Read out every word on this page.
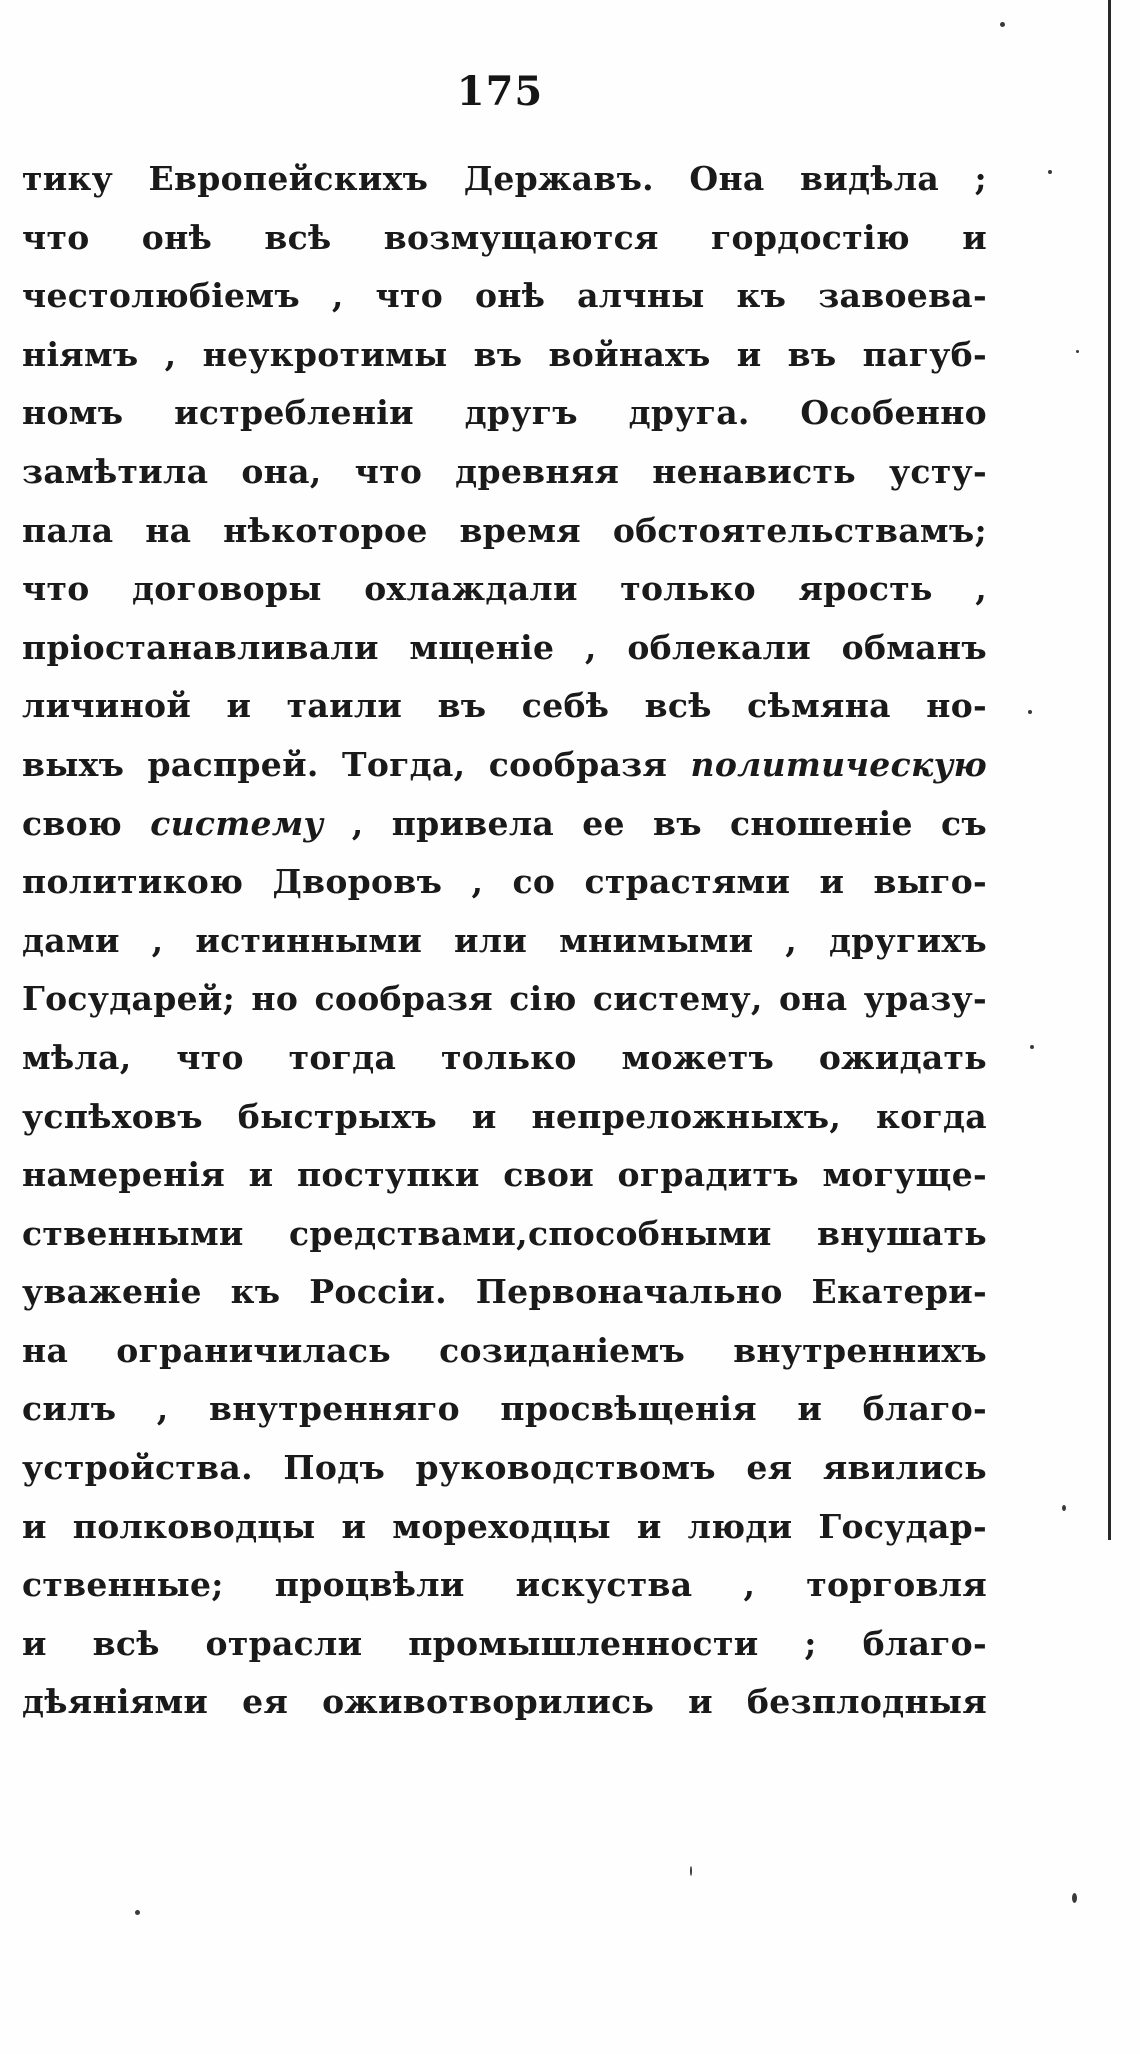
175
тику Европейскихъ Державъ. Она видѣла ;
что онѣ всѣ возмущаются гордостію и
честолюбіемъ , что онѣ алчны къ завоева-
ніямъ , неукротимы въ войнахъ и въ пагуб-
номъ истребленіи другъ друга. Особенно
замѣтила она, что древняя ненависть усту-
пала на нѣкоторое время обстоятельствамъ;
что договоры охлаждали только ярость ,
пріостанавливали мщеніе , облекали обманъ
личиной и таили въ себѣ всѣ сѣмяна но-
выхъ распрей. Тогда, сообразя политическую
свою систему , привела ее въ сношеніе съ
политикою Дворовъ , со страстями и выго-
дами , истинными или мнимыми , другихъ
Государей; но сообразя сію систему, она уразу-
мѣла, что тогда только можетъ ожидать
успѣховъ быстрыхъ и непреложныхъ, когда
намеренія и поступки свои оградитъ могуще-
ственными средствами,способными внушать
уваженіе къ Россіи. Первоначально Екатери-
на ограничилась созиданіемъ внутреннихъ
силъ , внутренняго просвѣщенія и благо-
устройства. Подъ руководствомъ ея явились
и полководцы и мореходцы и люди Государ-
ственные; процвѣли искуства , торговля
и всѣ отрасли промышленности ; благо-
дѣяніями ея оживотворились и безплодныя
